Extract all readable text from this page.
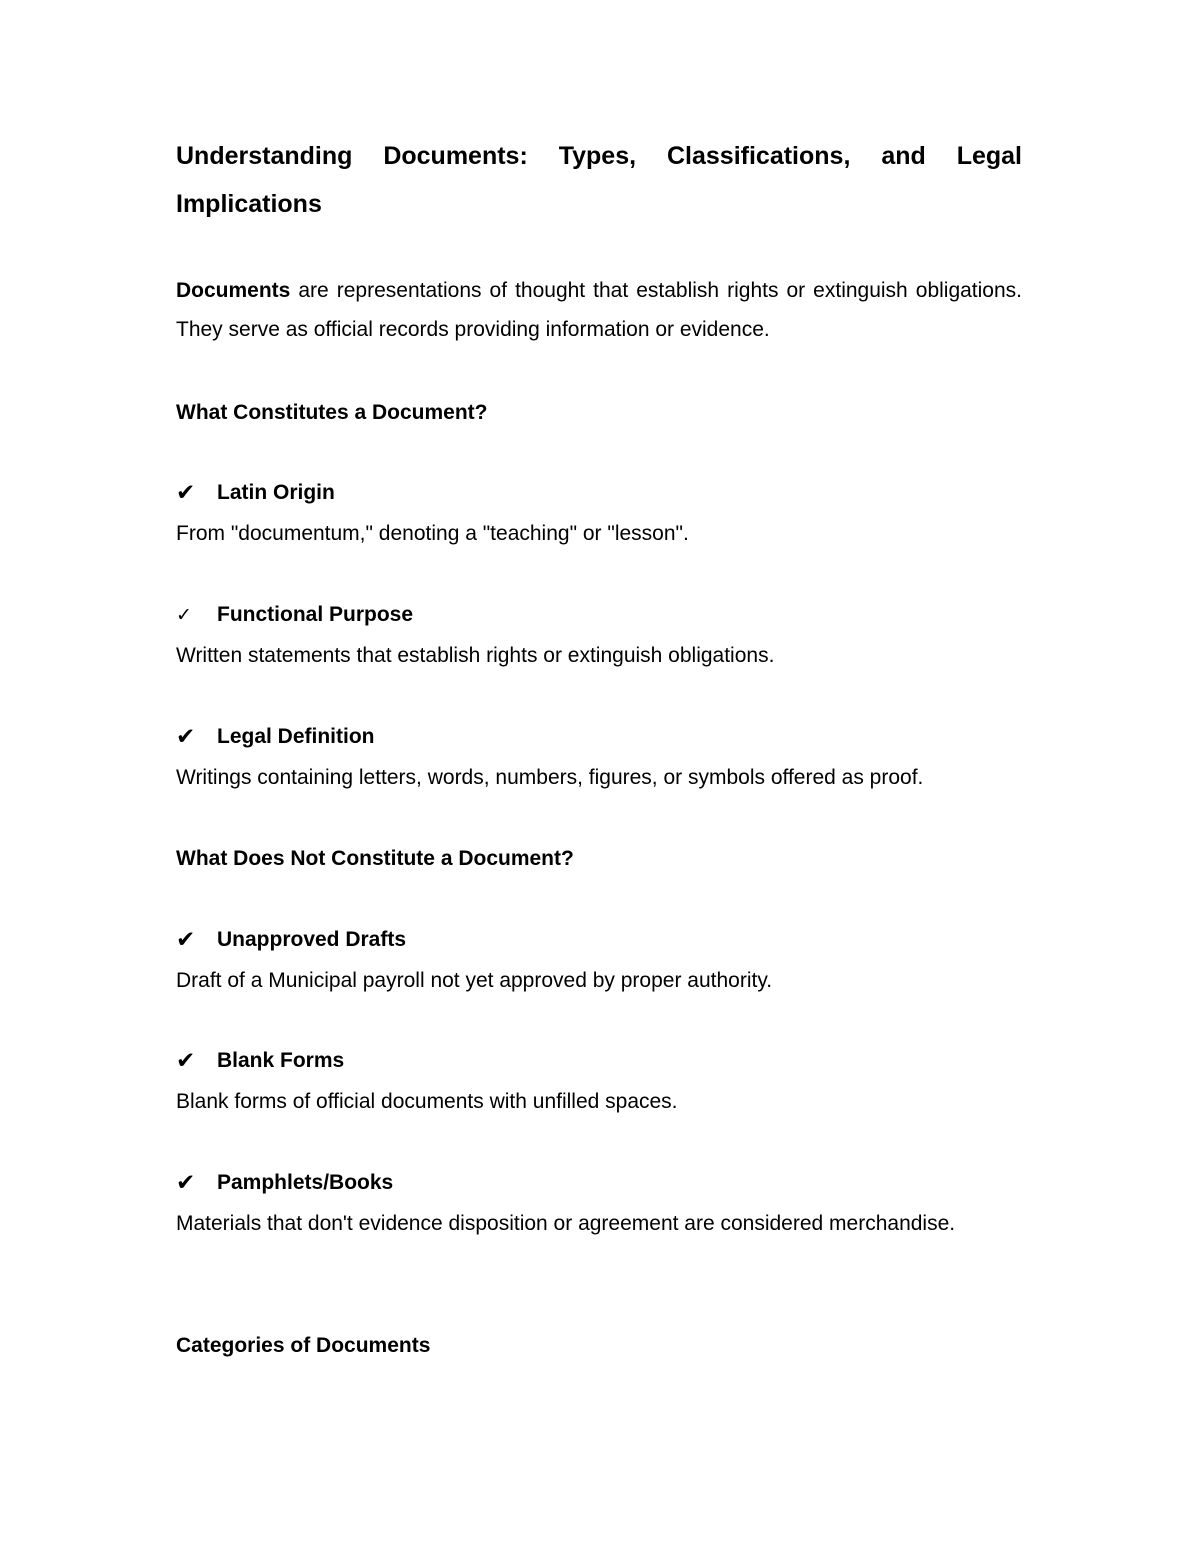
Understanding Documents: Types, Classifications, and Legal Implications

Documents are representations of thought that establish rights or extinguish obligations. They serve as official records providing information or evidence.

What Constitutes a Document?
✔	Latin Origin

From "documentum," denoting a "teaching" or "lesson".

✓	Functional Purpose

Written statements that establish rights or extinguish obligations.

✔	Legal Definition

Writings containing letters, words, numbers, figures, or symbols offered as proof.

What Does Not Constitute a Document?
✔	Unapproved Drafts

Draft of a Municipal payroll not yet approved by proper authority.

✔	Blank Forms

Blank forms of official documents with unfilled spaces.

✔	Pamphlets/Books

Materials that don't evidence disposition or agreement are considered merchandise.

Categories of Documents
